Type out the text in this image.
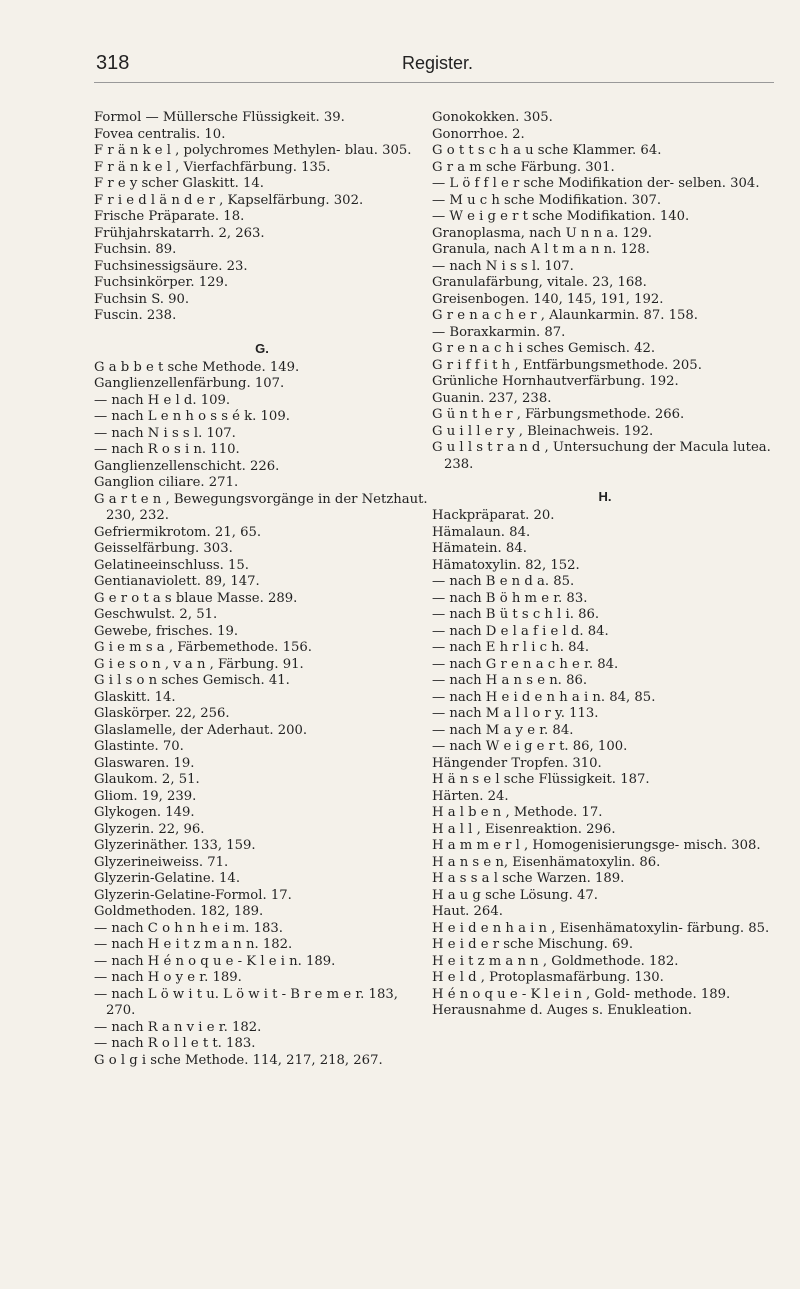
318	Register.
Formol — Müllersche Flüssigkeit. 39.
Fovea centralis. 10.
F r ä n k e l , polychromes Methylen- blau. 305.
F r ä n k e l , Vierfachfärbung. 135.
F r e y scher Glaskitt. 14.
F r i e d l ä n d e r , Kapselfärbung. 302.
Frische Präparate. 18.
Frühjahrskatarrh. 2, 263.
Fuchsin. 89.
Fuchsinessigsäure. 23.
Fuchsinkörper. 129.
Fuchsin S. 90.
Fuscin. 238.
G.
G a b b e t sche Methode. 149.
Ganglienzellenfärbung. 107.
— nach H e l d. 109.
— nach L e n h o s s é k. 109.
— nach N i s s l. 107.
— nach R o s i n. 110.
Ganglienzellenschicht. 226.
Ganglion ciliare. 271.
G a r t e n , Bewegungsvorgänge in der Netzhaut. 230, 232.
Gefriermikrotom. 21, 65.
Geisselfärbung. 303.
Gelatineeinschluss. 15.
Gentianaviolett. 89, 147.
G e r o t a s blaue Masse. 289.
Geschwulst. 2, 51.
Gewebe, frisches. 19.
G i e m s a , Färbemethode. 156.
G i e s o n , v a n , Färbung. 91.
G i l s o n sches Gemisch. 41.
Glaskitt. 14.
Glaskörper. 22, 256.
Glaslamelle, der Aderhaut. 200.
Glastinte. 70.
Glaswaren. 19.
Glaukom. 2, 51.
Gliom. 19, 239.
Glykogen. 149.
Glyzerin. 22, 96.
Glyzerinäther. 133, 159.
Glyzerineiweiss. 71.
Glyzerin-Gelatine. 14.
Glyzerin-Gelatine-Formol. 17.
Goldmethoden. 182, 189.
— nach C o h n h e i m. 183.
— nach H e i t z m a n n. 182.
— nach H é n o q u e - K l e i n. 189.
— nach H o y e r. 189.
— nach L ö w i t u. L ö w i t - B r e m e r. 183, 270.
— nach R a n v i e r. 182.
— nach R o l l e t t. 183.
G o l g i sche Methode. 114, 217, 218, 267.
Gonokokken. 305.
Gonorrhoe. 2.
G o t t s c h a u sche Klammer. 64.
G r a m sche Färbung. 301.
— L ö f f l e r sche Modifikation der- selben. 304.
— M u c h sche Modifikation. 307.
— W e i g e r t sche Modifikation. 140.
Granoplasma, nach U n n a. 129.
Granula, nach A l t m a n n. 128.
— nach N i s s l. 107.
Granulafärbung, vitale. 23, 168.
Greisenbogen. 140, 145, 191, 192.
G r e n a c h e r , Alaunkarmin. 87. 158.
— Boraxkarmin. 87.
G r e n a c h i sches Gemisch. 42.
G r i f f i t h , Entfärbungsmethode. 205.
Grünliche Hornhautverfärbung. 192.
Guanin. 237, 238.
G ü n t h e r , Färbungsmethode. 266.
G u i l l e r y , Bleinachweis. 192.
G u l l s t r a n d , Untersuchung der Macula lutea. 238.
H.
Hackpräparat. 20.
Hämalaun. 84.
Hämatein. 84.
Hämatoxylin. 82, 152.
— nach B e n d a. 85.
— nach B ö h m e r. 83.
— nach B ü t s c h l i. 86.
— nach D e l a f i e l d. 84.
— nach E h r l i c h. 84.
— nach G r e n a c h e r. 84.
— nach H a n s e n. 86.
— nach H e i d e n h a i n. 84, 85.
— nach M a l l o r y. 113.
— nach M a y e r. 84.
— nach W e i g e r t. 86, 100.
Hängender Tropfen. 310.
H ä n s e l sche Flüssigkeit. 187.
Härten. 24.
H a l b e n , Methode. 17.
H a l l , Eisenreaktion. 296.
H a m m e r l , Homogenisierungsge- misch. 308.
H a n s e n, Eisenhämatoxylin. 86.
H a s s a l sche Warzen. 189.
H a u g sche Lösung. 47.
Haut. 264.
H e i d e n h a i n , Eisenhämatoxylin- färbung. 85.
H e i d e r sche Mischung. 69.
H e i t z m a n n , Goldmethode. 182.
H e l d , Protoplasmafärbung. 130.
H é n o q u e - K l e i n , Gold- methode. 189.
Herausnahme d. Auges s. Enukleation.
